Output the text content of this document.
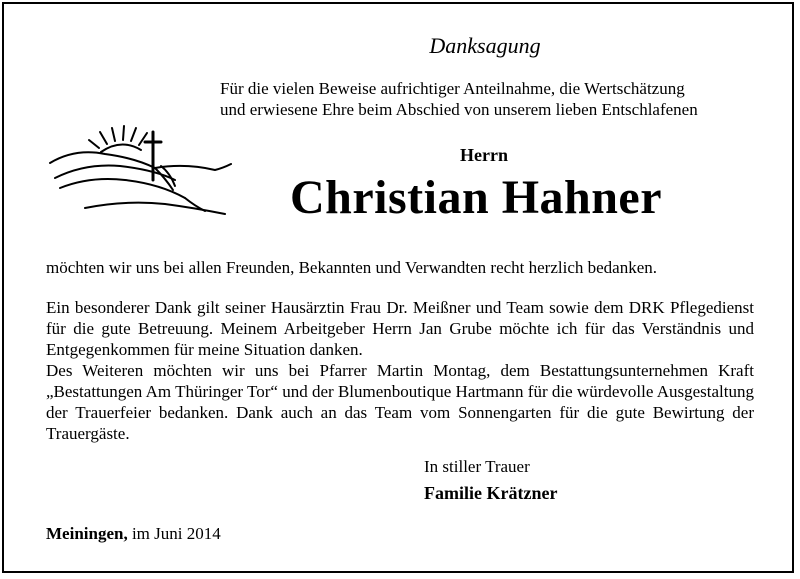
Danksagung
Für die vielen Beweise aufrichtiger Anteilnahme, die Wertschätzung
und erwiesene Ehre beim Abschied von unserem lieben Entschlafenen
Herrn
Christian Hahner
möchten wir uns bei allen Freunden, Bekannten und Verwandten recht herzlich bedanken.

Ein besonderer Dank gilt seiner Hausärztin Frau Dr. Meißner und Team sowie dem DRK Pflegedienst für die gute Betreuung. Meinem Arbeitgeber Herrn Jan Grube möchte ich für das Verständnis und Entgegenkommen für meine Situation danken.

Des Weiteren möchten wir uns bei Pfarrer Martin Montag, dem Bestattungsunternehmen Kraft „Bestattungen Am Thüringer Tor“ und der Blumenboutique Hartmann für die würdevolle Ausgestaltung der Trauerfeier bedanken. Dank auch an das Team vom Sonnengarten für die gute Bewirtung der Trauergäste.

In stiller Trauer
Familie Krätzner
Meiningen, im Juni 2014
